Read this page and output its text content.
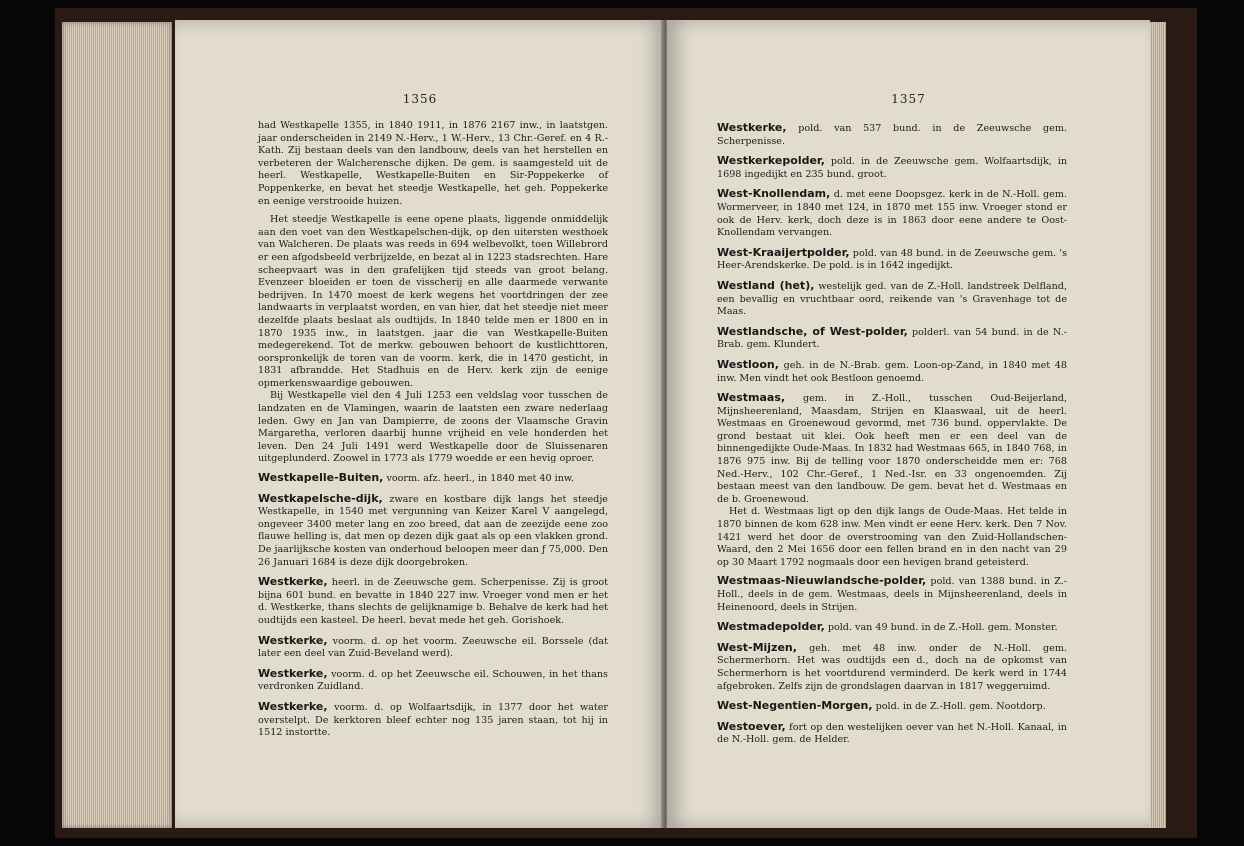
1356

had Westkapelle 1355, in 1840 1911, in 1876 2167 inw., in laatstgen. jaar onderscheiden in 2149 N.-Herv., 1 W.-Herv., 13 Chr.-Geref. en 4 R.-Kath. Zij bestaan deels van den landbouw, deels van het herstellen en verbeteren der Walcherensche dijken. De gem. is saamgesteld uit de heerl. Westkapelle, Westkapelle-Buiten en Sir-Poppekerke of Poppenkerke, en bevat het steedje Westkapelle, het geh. Poppekerke en eenige verstrooide huizen.

Het steedje Westkapelle is eene opene plaats, liggende onmiddelijk aan den voet van den Westkapelschen-dijk, op den uitersten westhoek van Walcheren. De plaats was reeds in 694 welbevolkt, toen Willebrord er een afgodsbeeld verbrijzelde, en bezat al in 1223 stadsrechten. Hare scheepvaart was in den grafelijken tijd steeds van groot belang. Evenzeer bloeiden er toen de visscherij en alle daarmede verwante bedrijven. In 1470 moest de kerk wegens het voortdringen der zee landwaarts in verplaatst worden, en van hier, dat het steedje niet meer dezelfde plaats beslaat als oudtijds. In 1840 telde men er 1800 en in 1870 1935 inw., in laatstgen. jaar die van Westkapelle-Buiten medegerekend. Tot de merkw. gebouwen behoort de kustlichttoren, oorspronkelijk de toren van de voorm. kerk, die in 1470 gesticht, in 1831 afbrandde. Het Stadhuis en de Herv. kerk zijn de eenige opmerkenswaardige gebouwen.

Bij Westkapelle viel den 4 Juli 1253 een veldslag voor tusschen de landzaten en de Vlamingen, waarin de laatsten een zware nederlaag leden. Gwy en Jan van Dampierre, de zoons der Vlaamsche Gravin Margaretha, verloren daarbij hunne vrijheid en vele honderden het leven. Den 24 Juli 1491 werd Westkapelle door de Sluissenaren uitgeplunderd. Zoowel in 1773 als 1779 woedde er een hevig oproer.

Westkapelle-Buiten, voorm. afz. heerl., in 1840 met 40 inw.
Westkapelsche-dijk, zware en kostbare dijk langs het steedje Westkapelle, in 1540 met vergunning van Keizer Karel V aangelegd, ongeveer 3400 meter lang en zoo breed, dat aan de zeezijde eene zoo flauwe helling is, dat men op dezen dijk gaat als op een vlakken grond. De jaarlijksche kosten van onderhoud beloopen meer dan ƒ 75,000. Den 26 Januari 1684 is deze dijk doorgebroken.
Westkerke, heerl. in de Zeeuwsche gem. Scherpenisse. Zij is groot bijna 601 bund. en bevatte in 1840 227 inw. Vroeger vond men er het d. Westkerke, thans slechts de gelijknamige b. Behalve de kerk had het oudtijds een kasteel. De heerl. bevat mede het geh. Gorishoek.
Westkerke, voorm. d. op het voorm. Zeeuwsche eil. Borssele (dat later een deel van Zuid-Beveland werd).
Westkerke, voorm. d. op het Zeeuwsche eil. Schouwen, in het thans verdronken Zuidland.
Westkerke, voorm. d. op Wolfaartsdijk, in 1377 door het water overstelpt. De kerktoren bleef echter nog 135 jaren staan, tot hij in 1512 instortte.
1357
Westkerke, pold. van 537 bund. in de Zeeuwsche gem. Scherpenisse.
Westkerkepolder, pold. in de Zeeuwsche gem. Wolfaartsdijk, in 1698 ingedijkt en 235 bund. groot.
West-Knollendam, d. met eene Doopsgez. kerk in de N.-Holl. gem. Wormerveer, in 1840 met 124, in 1870 met 155 inw. Vroeger stond er ook de Herv. kerk, doch deze is in 1863 door eene andere te Oost-Knollendam vervangen.
West-Kraaijertpolder, pold. van 48 bund. in de Zeeuwsche gem. 's Heer-Arendskerke. De pold. is in 1642 ingedijkt.
Westland (het), westelijk ged. van de Z.-Holl. landstreek Delfland, een bevallig en vruchtbaar oord, reikende van 's Gravenhage tot de Maas.
Westlandsche, of West-polder, polderl. van 54 bund. in de N.-Brab. gem. Klundert.
Westloon, geh. in de N.-Brab. gem. Loon-op-Zand, in 1840 met 48 inw. Men vindt het ook Bestloon genoemd.
Westmaas, gem. in Z.-Holl., tusschen Oud-Beijerland, Mijnsheerenland, Maasdam, Strijen en Klaaswaal, uit de heerl. Westmaas en Groenewoud gevormd, met 736 bund. oppervlakte. De grond bestaat uit klei. Ook heeft men er een deel van de binnengedijkte Oude-Maas. In 1832 had Westmaas 665, in 1840 768, in 1876 975 inw. Bij de telling voor 1870 onderscheidde men er: 768 Ned.-Herv., 102 Chr.-Geref., 1 Ned.-Isr. en 33 ongenoemden. Zij bestaan meest van den landbouw. De gem. bevat het d. Westmaas en de b. Groenewoud.

Het d. Westmaas ligt op den dijk langs de Oude-Maas. Het telde in 1870 binnen de kom 628 inw. Men vindt er eene Herv. kerk. Den 7 Nov. 1421 werd het door de overstrooming van den Zuid-Hollandschen-Waard, den 2 Mei 1656 door een fellen brand en in den nacht van 29 op 30 Maart 1792 nogmaals door een hevigen brand geteisterd.

Westmaas-Nieuwlandsche-polder, pold. van 1388 bund. in Z.-Holl., deels in de gem. Westmaas, deels in Mijnsheerenland, deels in Heinenoord, deels in Strijen.
Westmadepolder, pold. van 49 bund. in de Z.-Holl. gem. Monster.
West-Mijzen, geh. met 48 inw. onder de N.-Holl. gem. Schermerhorn. Het was oudtijds een d., doch na de opkomst van Schermerhorn is het voortdurend verminderd. De kerk werd in 1744 afgebroken. Zelfs zijn de grondslagen daarvan in 1817 weggeruimd.
West-Negentien-Morgen, pold. in de Z.-Holl. gem. Nootdorp.
Westoever, fort op den westelijken oever van het N.-Holl. Kanaal, in de N.-Holl. gem. de Helder.
